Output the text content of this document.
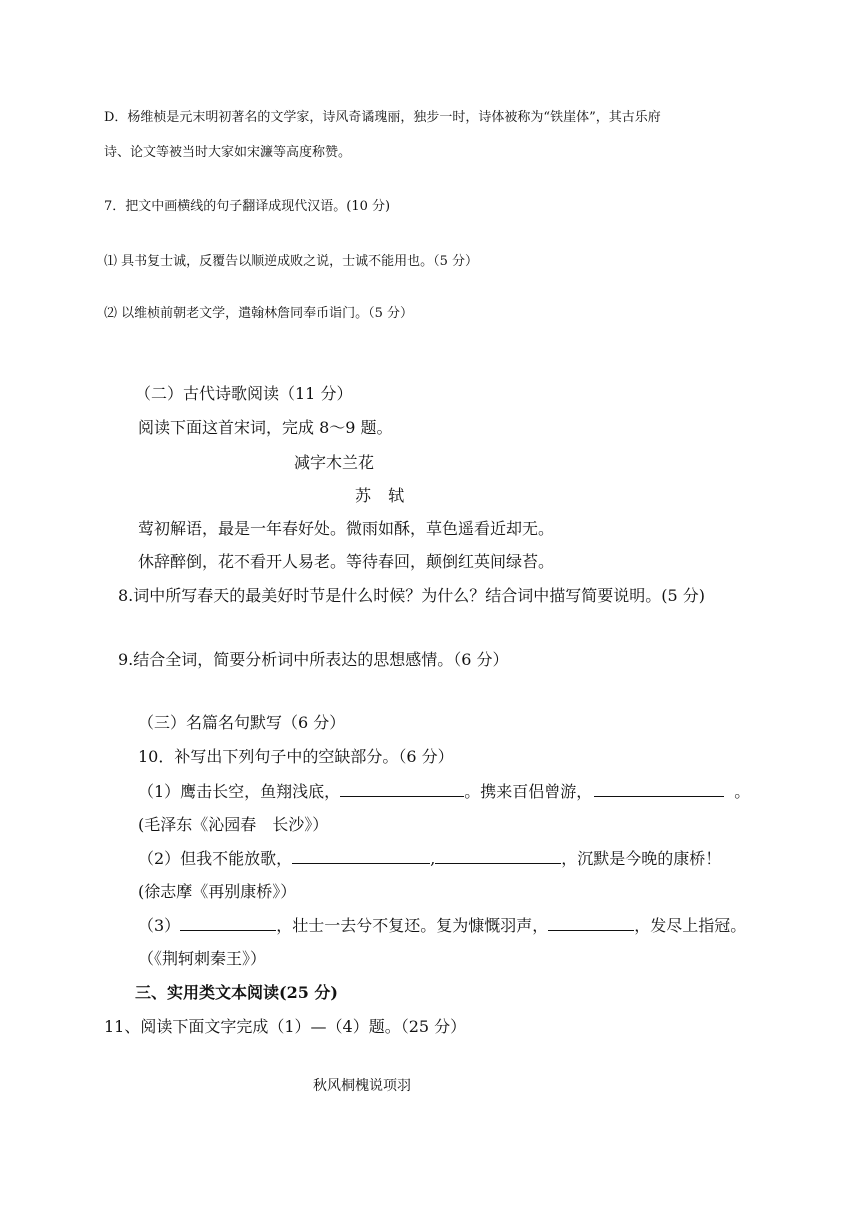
D．杨维桢是元末明初著名的文学家，诗风奇谲瑰丽，独步一时，诗体被称为“铁崖体”，其古乐府
诗、论文等被当时大家如宋濂等高度称赞。
7．把文中画横线的句子翻译成现代汉语。(10 分)
⑴ 具书复士诚，反覆告以顺逆成败之说，士诚不能用也。（5 分）
⑵ 以维桢前朝老文学，遣翰林詹同奉币诣门。（5 分）
（二）古代诗歌阅读（11 分）
阅读下面这首宋词，完成 8～9 题。
减字木兰花
苏 轼
莺初解语，最是一年春好处。微雨如酥，草色遥看近却无。
休辞醉倒，花不看开人易老。等待春回，颠倒红英间绿苔。
8.词中所写春天的最美好时节是什么时候？为什么？结合词中描写简要说明。(5 分)
9.结合全词，简要分析词中所表达的思想感情。（6 分）
（三）名篇名句默写（6 分）
10．补写出下列句子中的空缺部分。（6 分）
（1）鹰击长空，鱼翔浅底，	。携来百侣曾游，	。
(毛泽东《沁园春　长沙》）
（2）但我不能放歌，	,	，沉默是今晚的康桥！
(徐志摩《再别康桥》）
（3）	，壮士一去兮不复还。复为慷慨羽声，	，发尽上指冠。
（《荆轲刺秦王》）
三、实用类文本阅读(25 分)
11、阅读下面文字完成（1）—（4）题。（25 分）
秋风桐槐说项羽
